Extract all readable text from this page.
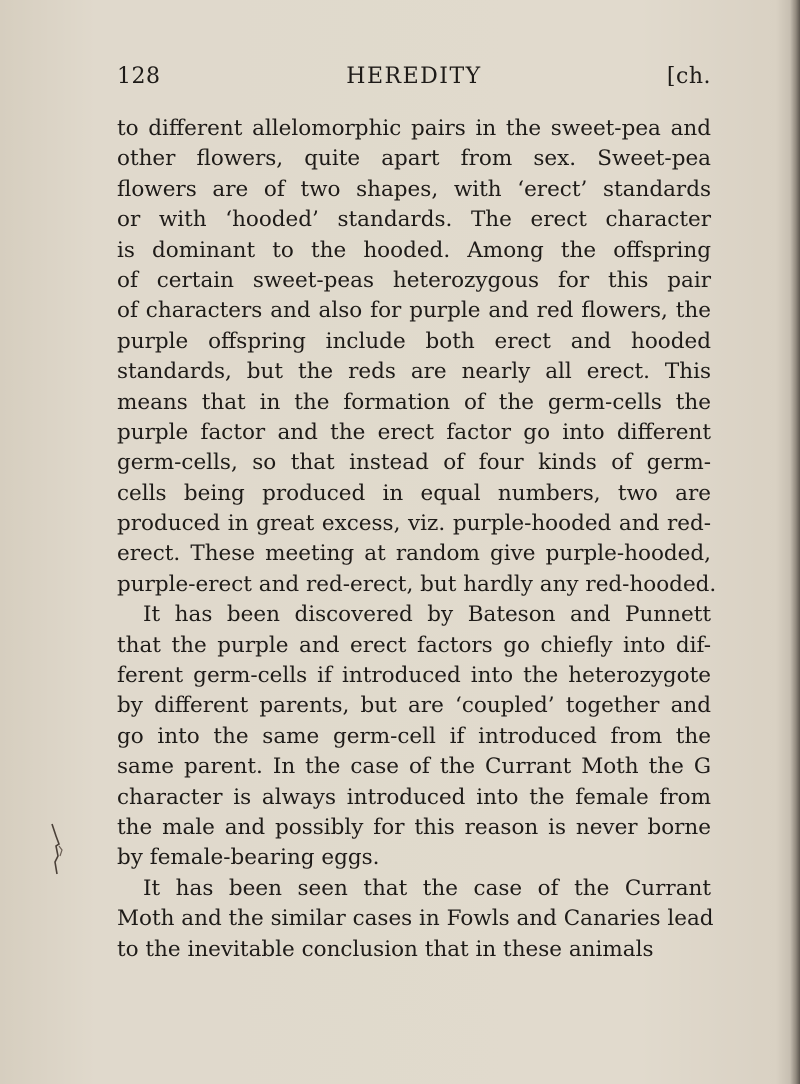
128	HEREDITY	[ch.
to different allelomorphic pairs in the sweet-pea and
other flowers, quite apart from sex. Sweet-pea
flowers are of two shapes, with ‘erect’ standards
or with ‘hooded’ standards. The erect character
is dominant to the hooded. Among the offspring
of certain sweet-peas heterozygous for this pair
of characters and also for purple and red flowers, the
purple offspring include both erect and hooded
standards, but the reds are nearly all erect. This
means that in the formation of the germ-cells the
purple factor and the erect factor go into different
germ-cells, so that instead of four kinds of germ-
cells being produced in equal numbers, two are
produced in great excess, viz. purple-hooded and red-
erect. These meeting at random give purple-hooded,
purple-erect and red-erect, but hardly any red-hooded.
It has been discovered by Bateson and Punnett
that the purple and erect factors go chiefly into dif-
ferent germ-cells if introduced into the heterozygote
by different parents, but are ‘coupled’ together and
go into the same germ-cell if introduced from the
same parent. In the case of the Currant Moth the G
character is always introduced into the female from
the male and possibly for this reason is never borne
by female-bearing eggs.
It has been seen that the case of the Currant
Moth and the similar cases in Fowls and Canaries lead
to the inevitable conclusion that in these animals
